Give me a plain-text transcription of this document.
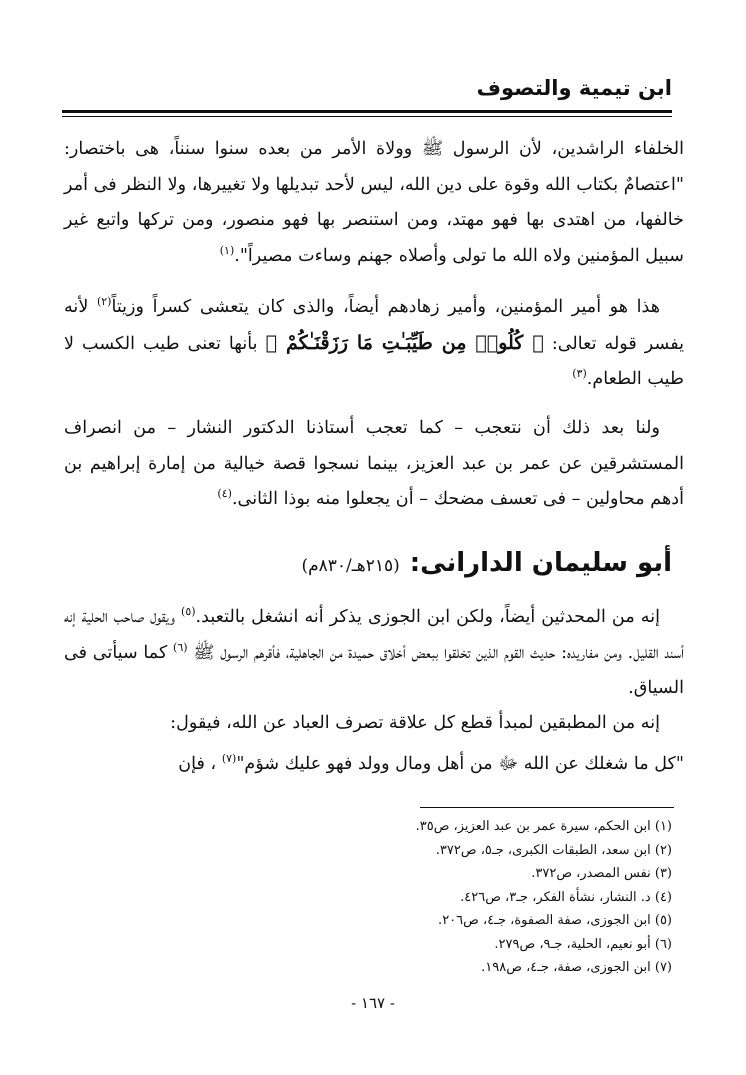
ابن تيمية والتصوف

الخلفاء الراشدين، لأن الرسول ﷺ وولاة الأمر من بعده سنوا سنناً، هى باختصار: "اعتصامٌ بكتاب الله وقوة على دين الله، ليس لأحد تبديلها ولا تغييرها، ولا النظر فى أمر خالفها، من اهتدى بها فهو مهتد، ومن استنصر بها فهو منصور، ومن تركها واتبع غير سبيل المؤمنين ولاه الله ما تولى وأصلاه جهنم وساءت مصيراً".$^{(١)}$

هذا هو أمير المؤمنين، وأمير زهادهم أيضاً، والذى كان يتعشى كسراً وزيتاً$^{(٢)}$ لأنه يفسر قوله تعالى: ﴿ كُلُوا۟ مِن طَيِّبَـٰتِ مَا رَزَقْنَـٰكُمْ ﴾ بأنها تعنى طيب الكسب لا طيب الطعام.$^{(٣)}$

ولنا بعد ذلك أن نتعجب – كما تعجب أستاذنا الدكتور النشار – من انصراف المستشرقين عن عمر بن عبد العزيز، بينما نسجوا قصة خيالية من إمارة إبراهيم بن أدهم محاولين – فى تعسف مضحك – أن يجعلوا منه بوذا الثانى.$^{(٤)}$

أبو سليمان الدارانى:(٢١٥هـ/٨٣٠م)

إنه من المحدثين أيضاً، ولكن ابن الجوزى يذكر أنه انشغل بالتعبد.$^{(٥)}$ ويقول صاحب الحلية إنه أسند القليل. ومن مفاريده: حديث القوم الذين تخلقوا ببعض أخلاق حميدة من الجاهلية، فأقرهم الرسول ﷺ $^{(٦)}$ كما سيأتى فى السياق.

إنه من المطبقين لمبدأ قطع كل علاقة تصرف العباد عن الله، فيقول:

"كل ما شغلك عن الله ﷻ من أهل ومال وولد فهو عليك شؤم"$^{(٧)}$ ، فإن

(١) ابن الحكم، سيرة عمر بن عبد العزيز، ص٣٥.
(٢) ابن سعد، الطبقات الكبرى، جـ٥، ص٣٧٢.
(٣) نفس المصدر، ص٣٧٢.
(٤) د. النشار، نشأة الفكر، جـ٣، ص٤٢٦.
(٥) ابن الجوزى، صفة الصفوة، جـ٤، ص٢٠٦.
(٦) أبو نعيم، الحلية، جـ٩، ص٢٧٩.
(٧) ابن الجوزى، صفة، جـ٤، ص١٩٨.
- ١٦٧ -
